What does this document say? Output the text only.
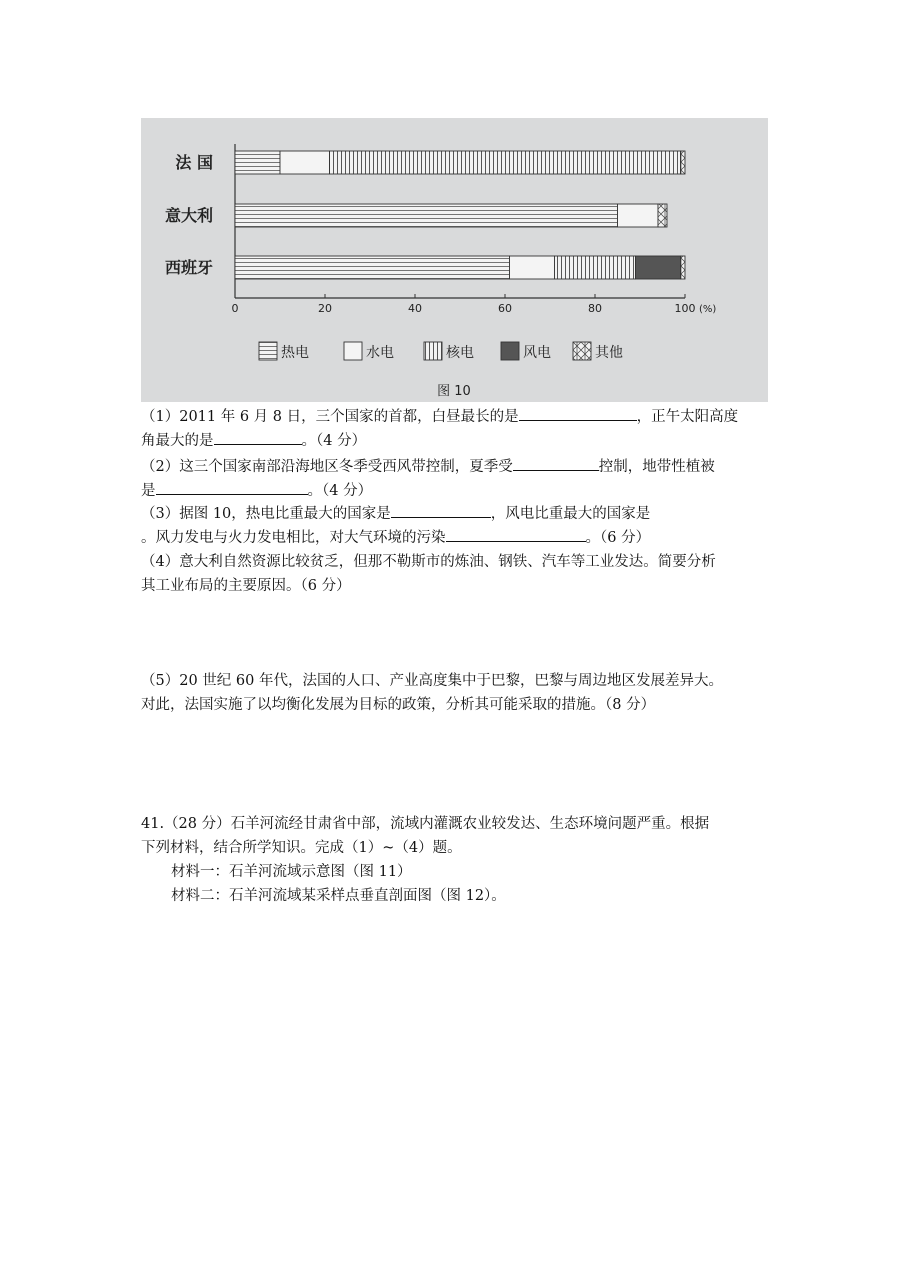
0	20	40	60	80	100 (%)
法 国
意大利
西班牙
热电	水电	核电	风电	其他
图 10

（1）2011 年 6 月 8 日，三个国家的首都，白昼最长的是	，正午太阳高度

角最大的是	。（4 分）

（2）这三个国家南部沿海地区冬季受西风带控制，夏季受	控制，地带性植被

是	。（4 分）

（3）据图 10，热电比重最大的国家是	，风电比重最大的国家是

。风力发电与火力发电相比，对大气环境的污染	。（6 分）

（4）意大利自然资源比较贫乏，但那不勒斯市的炼油、钢铁、汽车等工业发达。简要分析

其工业布局的主要原因。（6 分）

（5）20 世纪 60 年代，法国的人口、产业高度集中于巴黎，巴黎与周边地区发展差异大。

对此，法国实施了以均衡化发展为目标的政策，分析其可能采取的措施。（8 分）

41.（28 分）石羊河流经甘肃省中部，流域内灌溉农业较发达、生态环境问题严重。根据

下列材料，结合所学知识。完成（1）~（4）题。

材料一：石羊河流域示意图（图 11）

材料二：石羊河流域某采样点垂直剖面图（图 12）。
